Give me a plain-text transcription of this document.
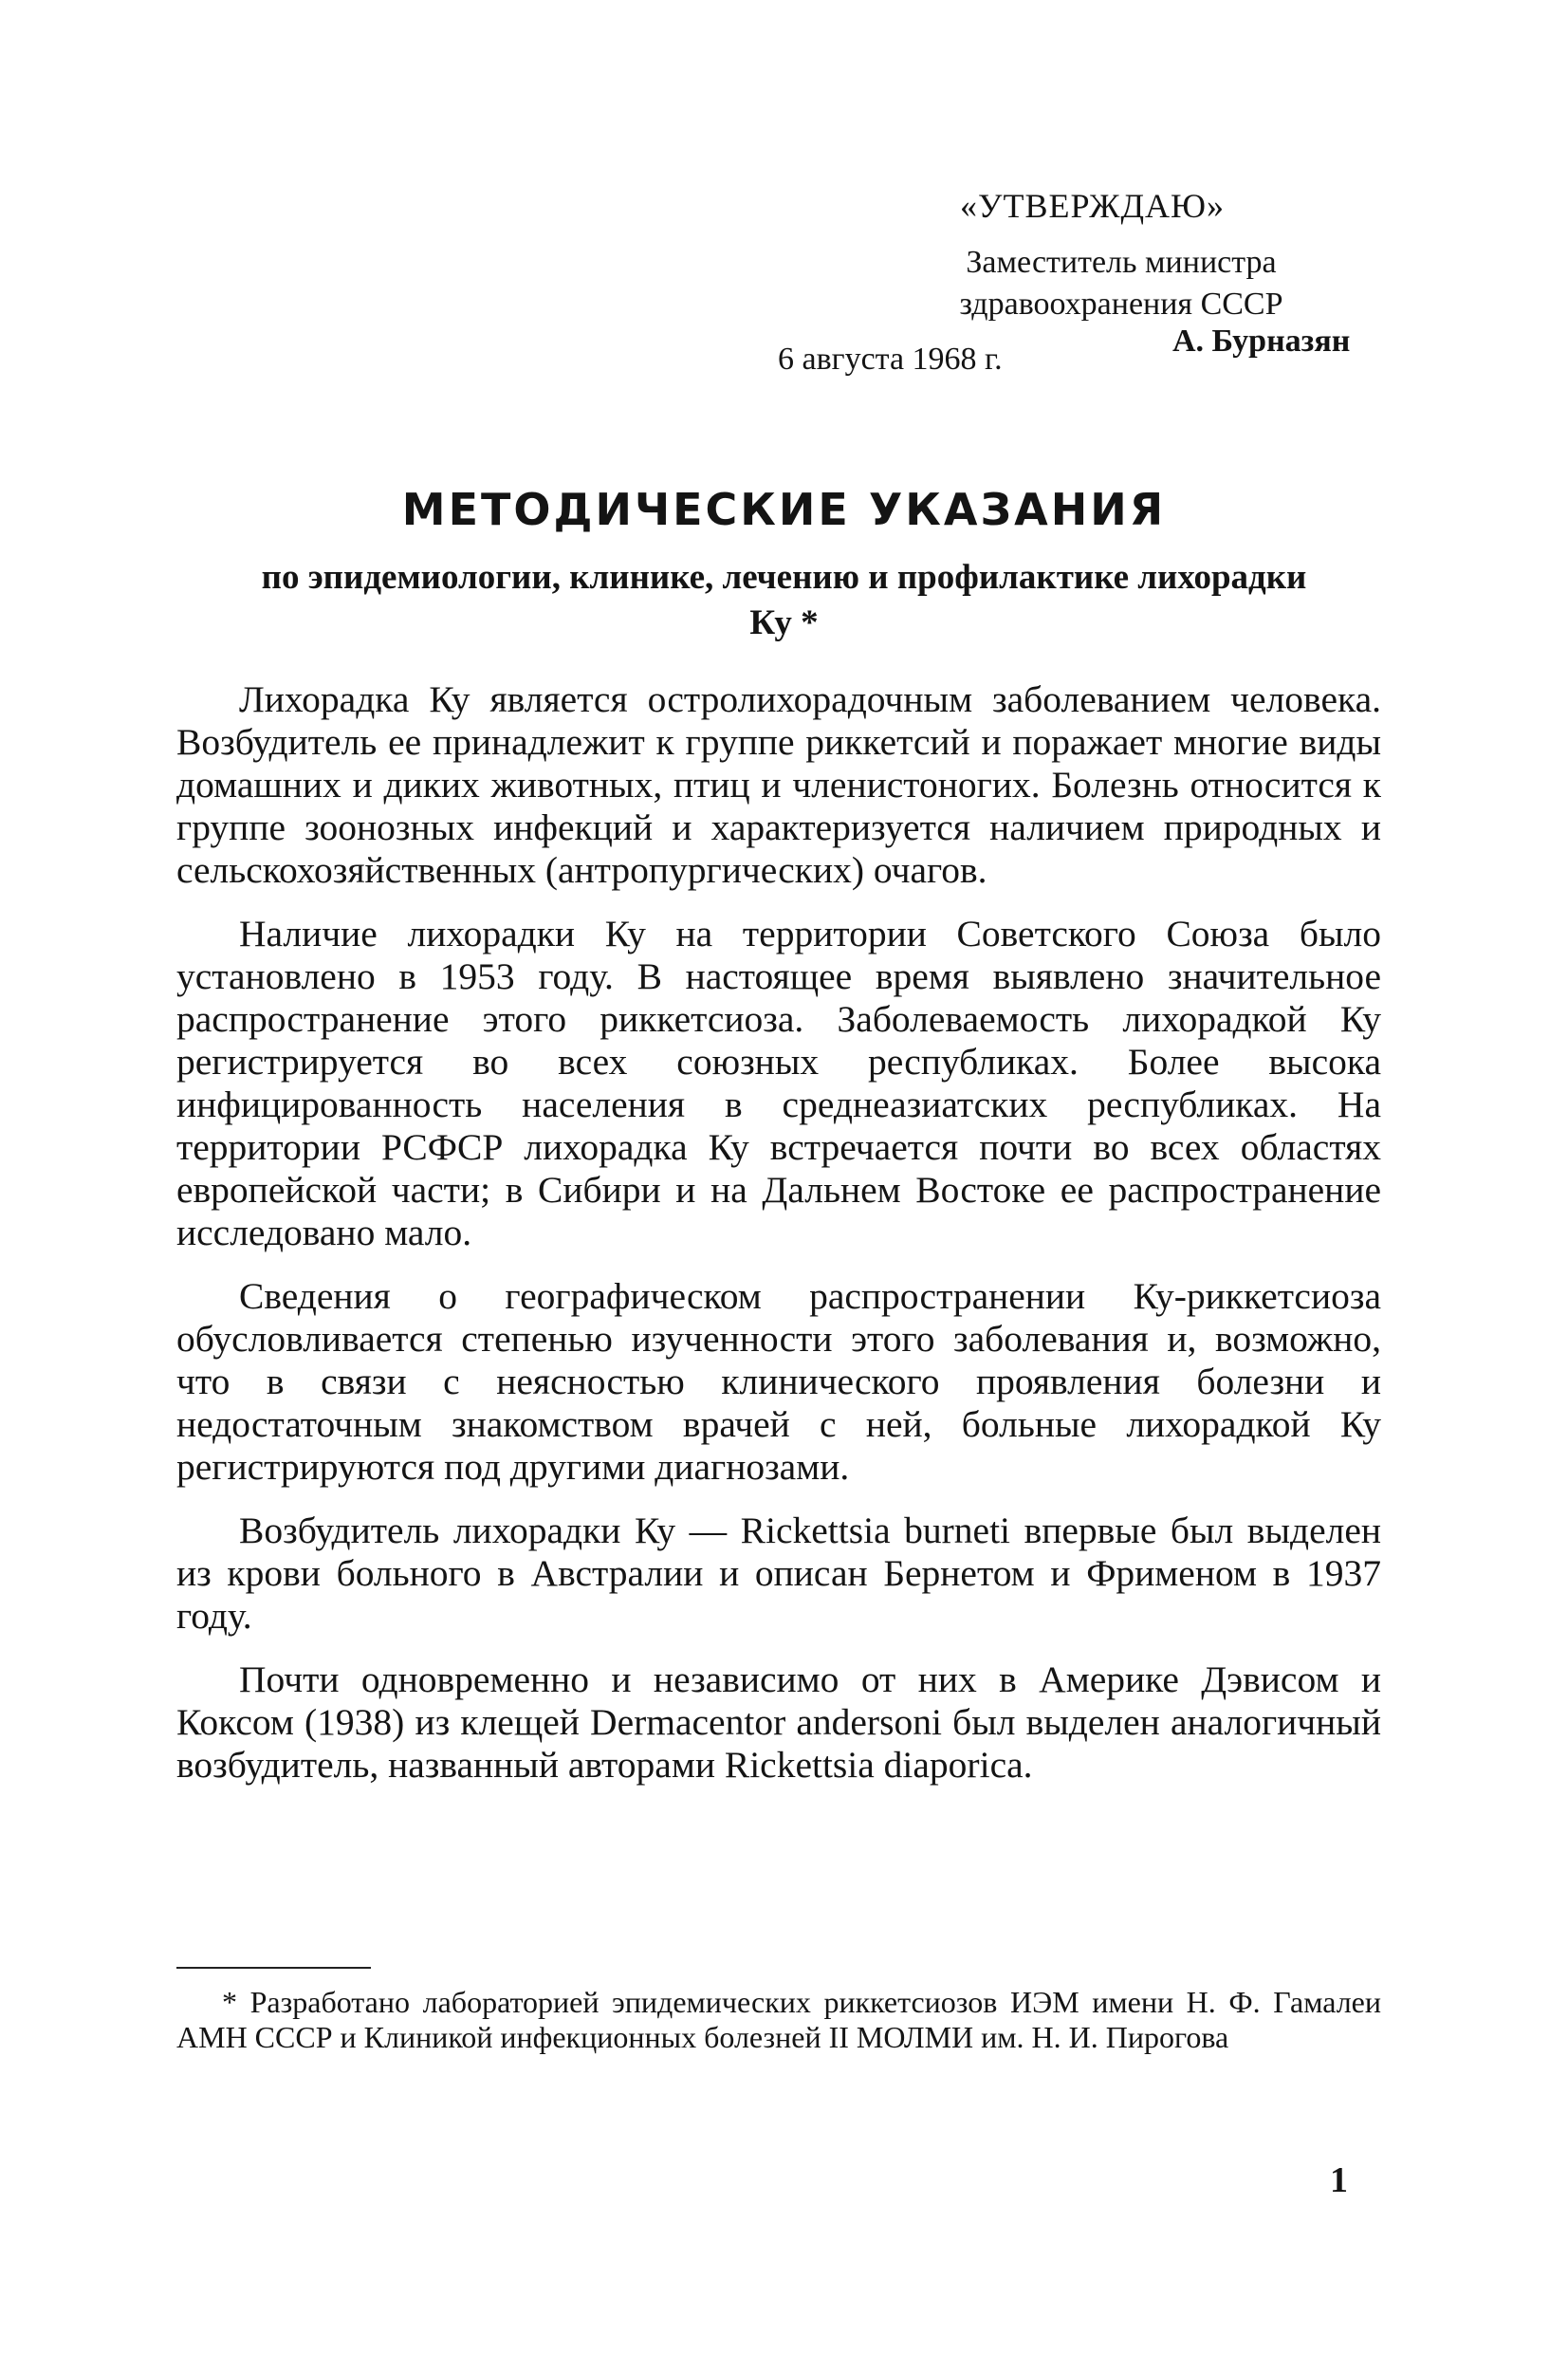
«УТВЕРЖДАЮ»
Заместитель министра
здравоохранения СССР
А. Бурназян
6 августа 1968 г.
МЕТОДИЧЕСКИЕ УКАЗАНИЯ
по эпидемиологии, клинике, лечению и профилактике лихорадки Ку *

Лихорадка Ку является остролихорадочным заболеванием человека. Возбудитель ее принадлежит к группе риккетсий и поражает многие виды домашних и диких животных, птиц и членистоногих. Болезнь относится к группе зоонозных инфекций и характеризуется наличием природных и сельскохозяйственных (антропургических) очагов.

Наличие лихорадки Ку на территории Советского Союза было установлено в 1953 году. В настоящее время выявлено значительное распространение этого риккетсиоза. Заболеваемость лихорадкой Ку регистрируется во всех союзных республиках. Более высока инфицированность населения в среднеазиатских республиках. На территории РСФСР лихорадка Ку встречается почти во всех областях европейской части; в Сибири и на Дальнем Востоке ее распространение исследовано мало.

Сведения о географическом распространении Ку-риккетсиоза обусловливается степенью изученности этого заболевания и, возможно, что в связи с неясностью клинического проявления болезни и недостаточным знакомством врачей с ней, больные лихорадкой Ку регистрируются под другими диагнозами.

Возбудитель лихорадки Ку — Rickettsia burneti впервые был выделен из крови больного в Австралии и описан Бернетом и Фрименом в 1937 году.

Почти одновременно и независимо от них в Америке Дэвисом и Коксом (1938) из клещей Dermacentor andersoni был выделен аналогичный возбудитель, названный авторами Rickettsia diaporica.

* Разработано лабораторией эпидемических риккетсиозов ИЭМ имени Н. Ф. Гамалеи АМН СССР и Клиникой инфекционных болезней II МОЛМИ им. Н. И. Пирогова
1
